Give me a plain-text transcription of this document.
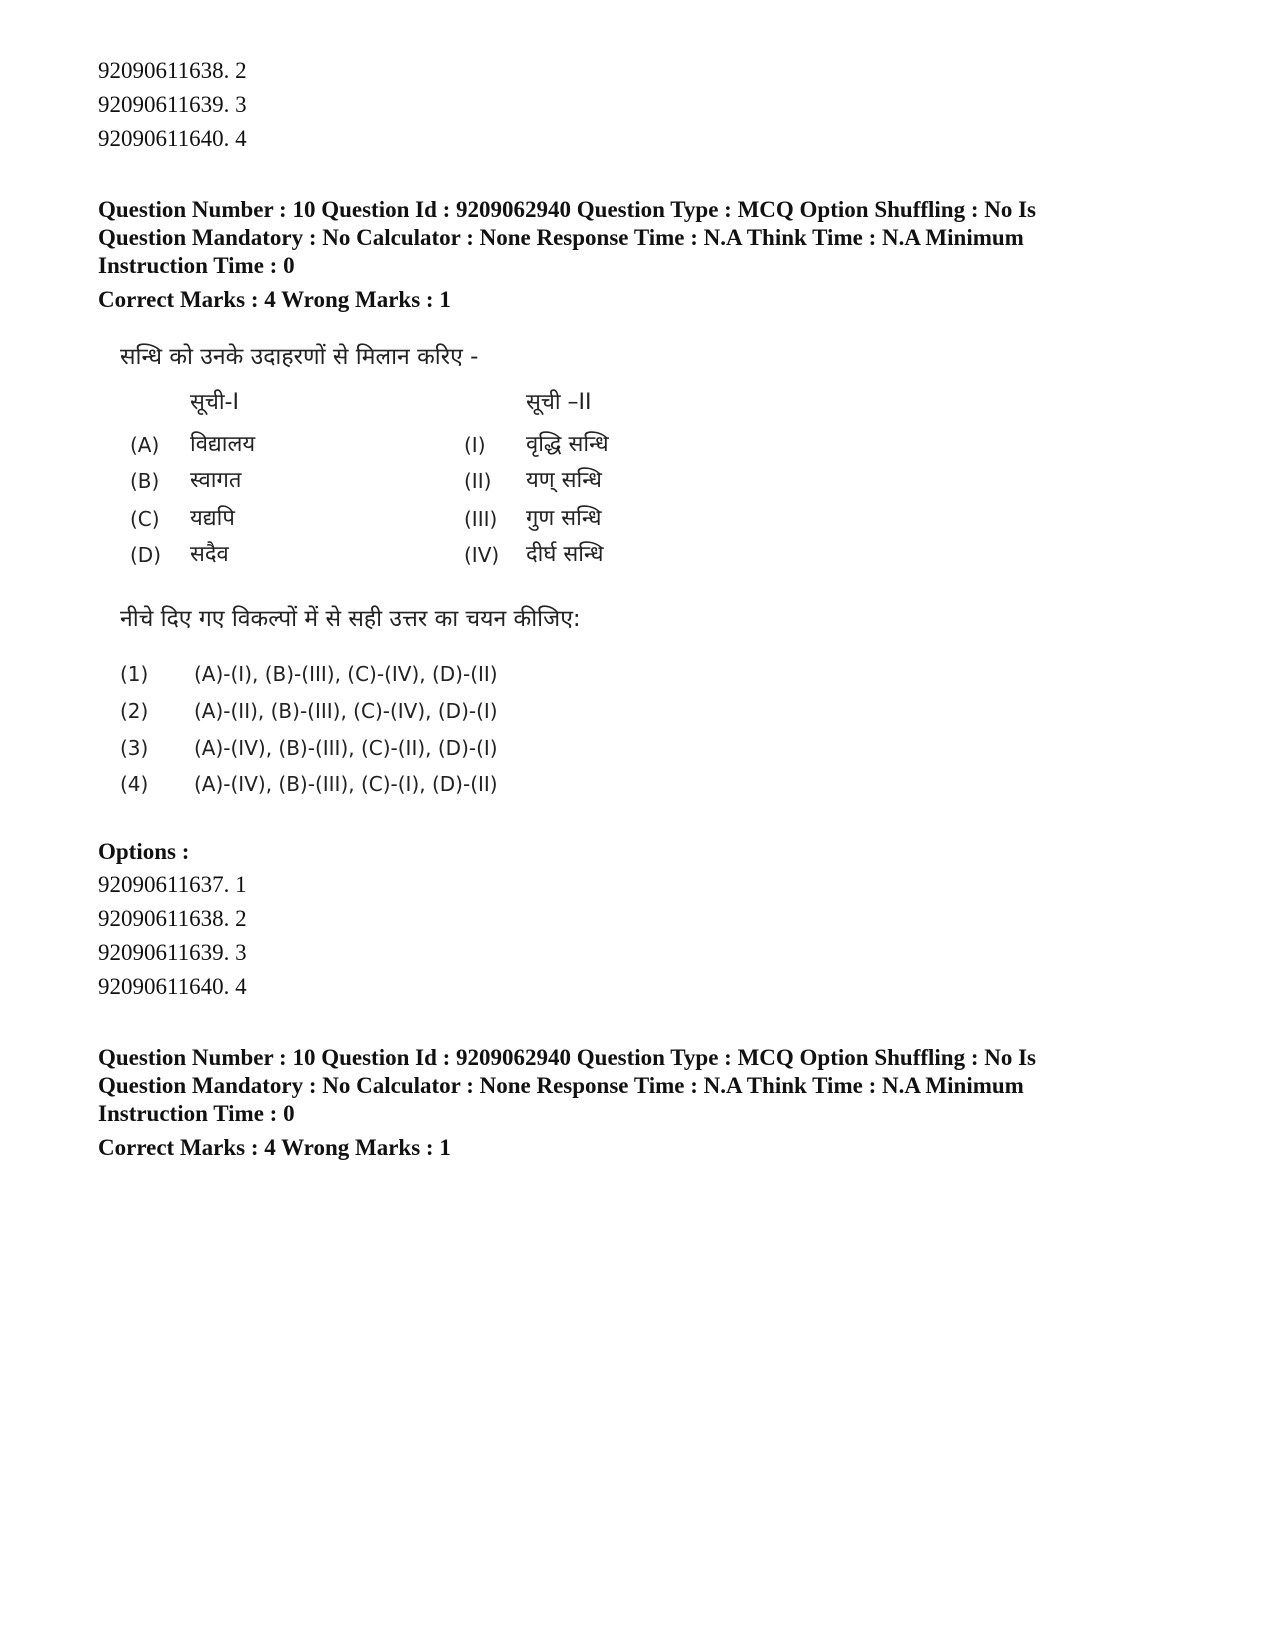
92090611638. 2
92090611639. 3
92090611640. 4

Question Number : 10 Question Id : 9209062940 Question Type : MCQ Option Shuffling : No Is

Question Mandatory : No Calculator : None Response Time : N.A Think Time : N.A Minimum

Instruction Time : 0

Correct Marks : 4 Wrong Marks : 1

सन्धि को उनके उदाहरणों से मिलान करिए -
सूची-I	सूची –II
(A) विद्यालय	(I) वृद्धि सन्धि
(B) स्वागत	(II) यण् सन्धि
(C) यद्यपि	(III) गुण सन्धि
(D) सदैव	(IV) दीर्घ सन्धि
नीचे दिए गए विकल्पों में से सही उत्तर का चयन कीजिए:
(1) (A)-(I), (B)-(III), (C)-(IV), (D)-(II)
(2) (A)-(II), (B)-(III), (C)-(IV), (D)-(I)
(3) (A)-(IV), (B)-(III), (C)-(II), (D)-(I)
(4) (A)-(IV), (B)-(III), (C)-(I), (D)-(II)
Options :
92090611637. 1
92090611638. 2
92090611639. 3
92090611640. 4

Question Number : 10 Question Id : 9209062940 Question Type : MCQ Option Shuffling : No Is

Question Mandatory : No Calculator : None Response Time : N.A Think Time : N.A Minimum

Instruction Time : 0

Correct Marks : 4 Wrong Marks : 1
